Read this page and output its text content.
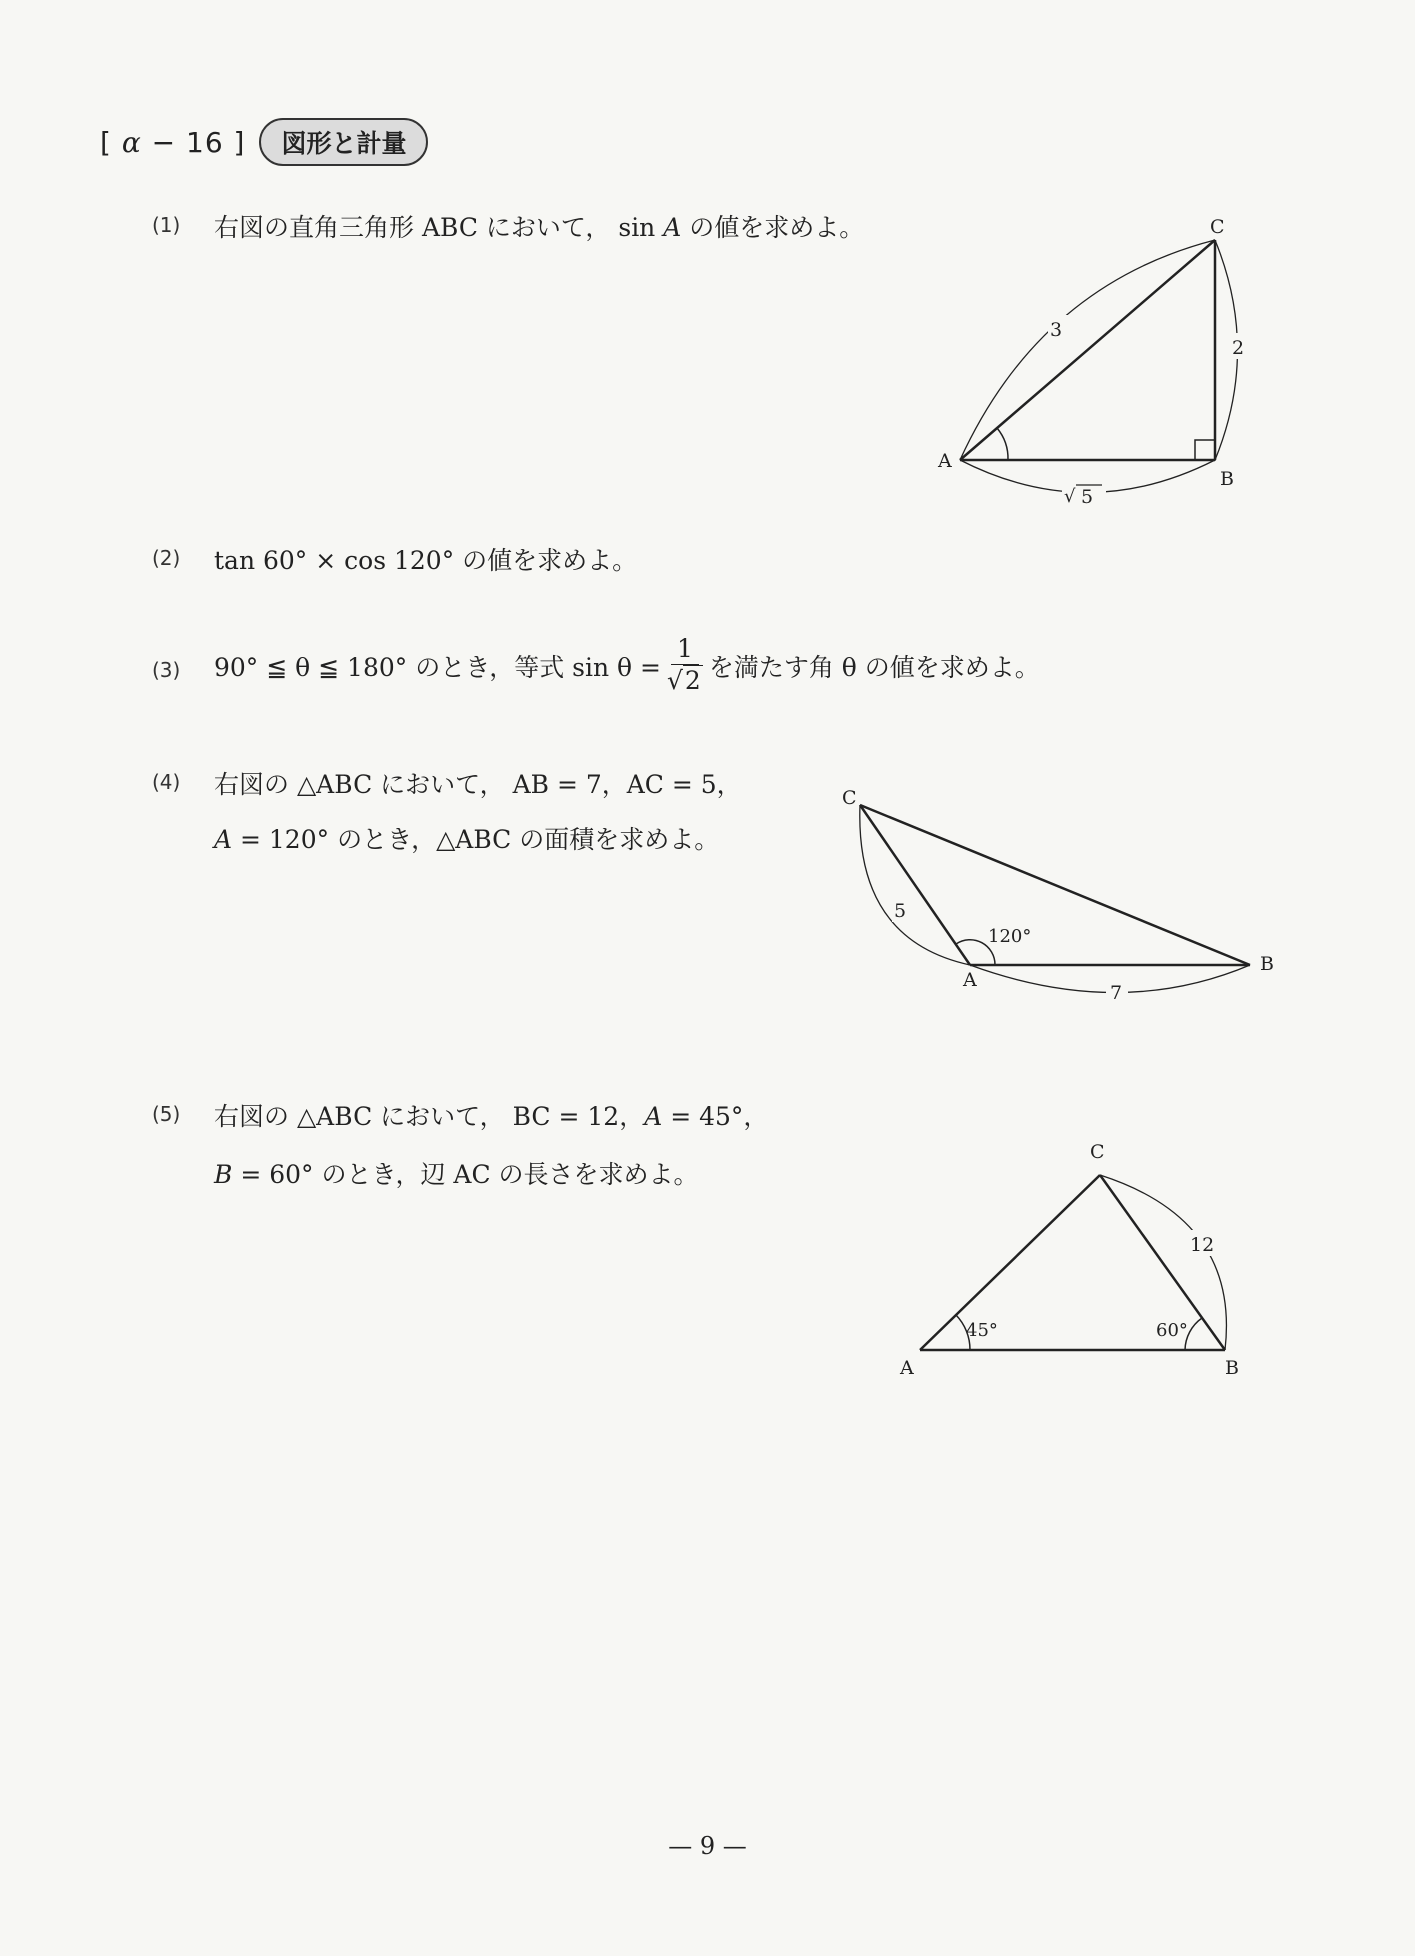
[ α − 16 ]	図形と計量
(1) 右図の直角三角形 ABC において， sin A の値を求めよ。
3
2
√ 5
A
B
C
(2) tan 60° × cos 120° の値を求めよ。
(3) 90° ≦ θ ≦ 180° のとき，等式 $\sin \theta = \frac{1}{√2}$ を満たす角 θ の値を求めよ。
(4) 右図の △ABC において， AB = 7，AC = 5，
A = 120° のとき，△ABC の面積を求めよ。
5
7
120°
C
A
B
(5) 右図の △ABC において， BC = 12，A = 45°，
B = 60° のとき，辺 AC の長さを求めよ。
12
45°	60°
A	B
C
— 9 —
